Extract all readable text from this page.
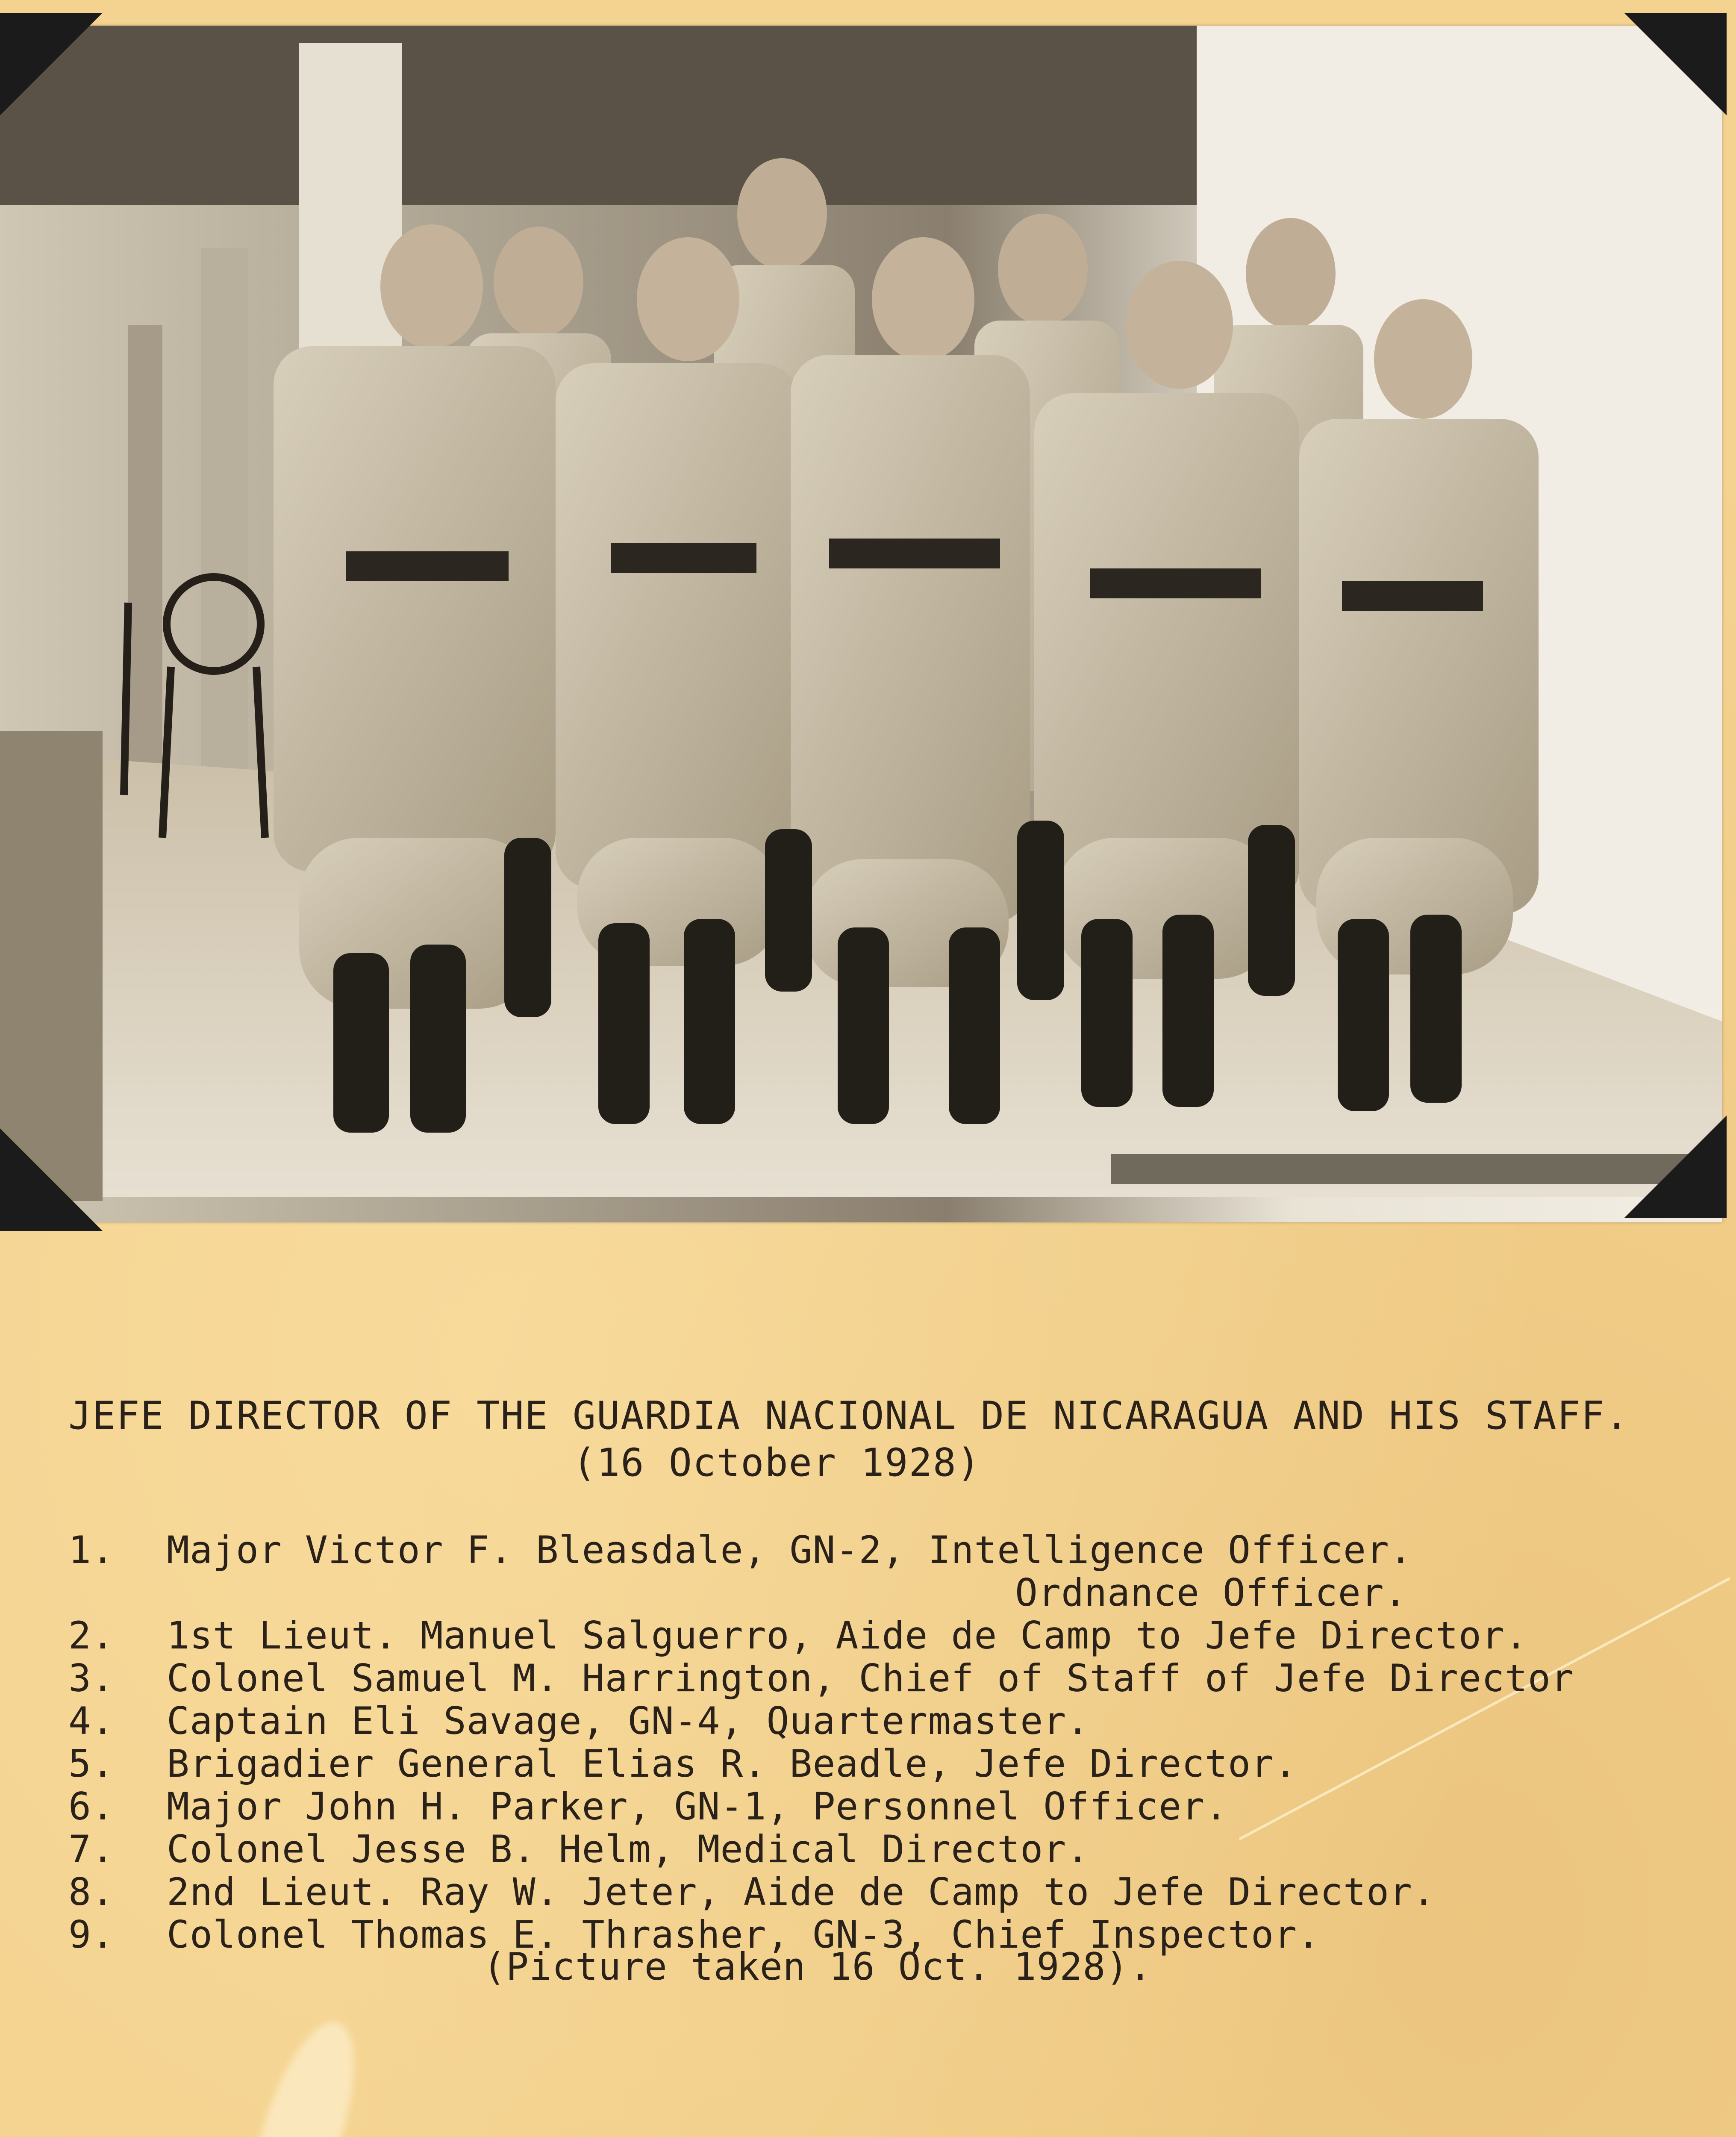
JEFE DIRECTOR OF THE GUARDIA NACIONAL DE NICARAGUA AND HIS STAFF.
(16 October 1928)

1.

	Major Victor F. Bleasdale, GN-2, Intelligence Officer.

Ordnance Officer.

2.

	1st Lieut. Manuel Salguerro, Aide de Camp to Jefe Director.

3.

	Colonel Samuel M. Harrington, Chief of Staff of Jefe Director

4.

	Captain Eli Savage, GN-4, Quartermaster.

5.

	Brigadier General Elias R. Beadle, Jefe Director.

6.

	Major John H. Parker, GN-1, Personnel Officer.

7.

	Colonel Jesse B. Helm, Medical Director.

8.

	2nd Lieut. Ray W. Jeter, Aide de Camp to Jefe Director.

9.

	Colonel Thomas E. Thrasher, GN-3, Chief Inspector.

(Picture taken 16 Oct. 1928).
